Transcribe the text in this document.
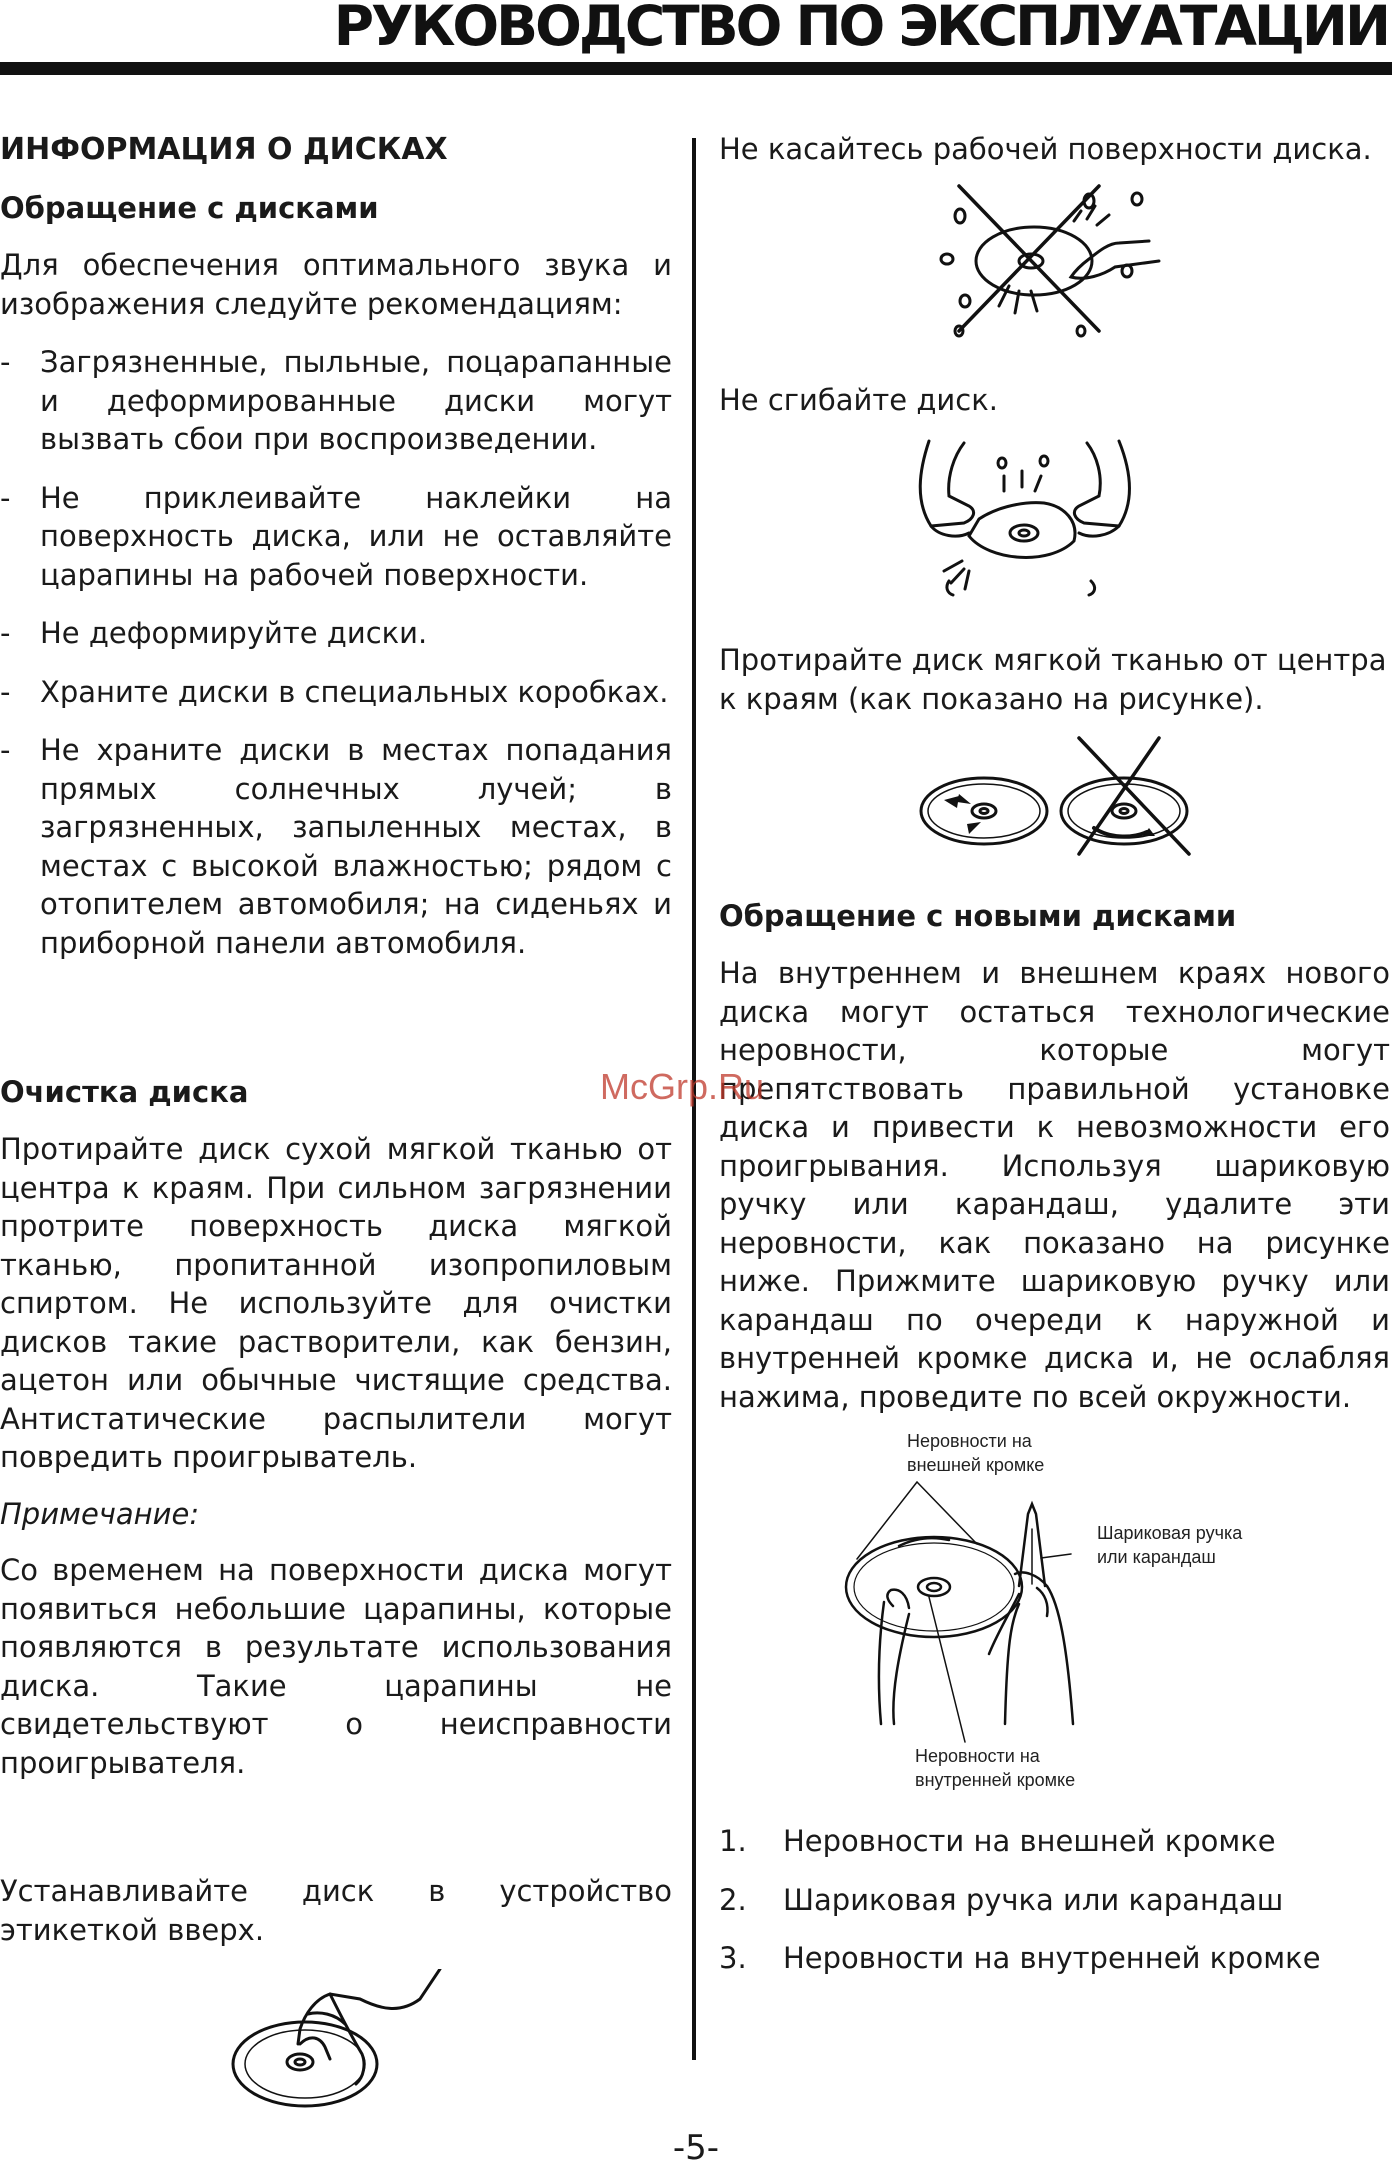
РУКОВОДСТВО ПО ЭКСПЛУАТАЦИИ
ИНФОРМАЦИЯ О ДИСКАХ
Обращение с дисками

Для обеспечения оптимального звука и изображения следуйте рекомендациям:

- Загрязненные, пыльные, поцарапанные и деформированные диски могут вызвать сбои при воспроизведении.
- Не приклеивайте наклейки на поверхность диска, или не оставляйте царапины на рабочей поверхности.
- Не деформируйте диски.
- Храните диски в специальных коробках.
- Не храните диски в местах попадания прямых солнечных лучей; в загрязненных, запыленных местах, в местах с высокой влажностью; рядом с отопителем автомобиля; на сиденьях и приборной панели автомобиля.
Очистка диска

Протирайте диск сухой мягкой тканью от центра к краям. При сильном загрязнении протрите поверхность диска мягкой тканью, пропитанной изопропиловым спиртом. Не используйте для очистки дисков такие растворители, как бензин, ацетон или обычные чистящие средства. Антистатические распылители могут повредить проигрыватель.

Примечание:

Со временем на поверхности диска могут появиться небольшие царапины, которые появляются в результате использования диска. Такие царапины не свидетельствуют о неисправности проигрывателя.

Устанавливайте диск в устройство этикеткой вверх.

Не касайтесь рабочей поверхности диска.

Не сгибайте диск.

Протирайте диск мягкой тканью от центра к краям (как показано на рисунке).

Обращение с новыми дисками

На внутреннем и внешнем краях нового диска могут остаться технологические неровности, которые могут препятствовать правильной установке диска и привести к невозможности его проигрывания. Используя шариковую ручку или карандаш, удалите эти неровности, как показано на рисунке ниже. Прижмите шариковую ручку или карандаш по очереди к наружной и внутренней кромке диска и, не ослабляя нажима, проведите по всей окружности.

Неровности на
внешней кромке
Шариковая ручка
или карандаш
Неровности на
внутренней кромке
1.	Неровности на внешней кромке
2.	Шариковая ручка или карандаш
3.	Неровности на внутренней кромке
McGrp.Ru
-5-
